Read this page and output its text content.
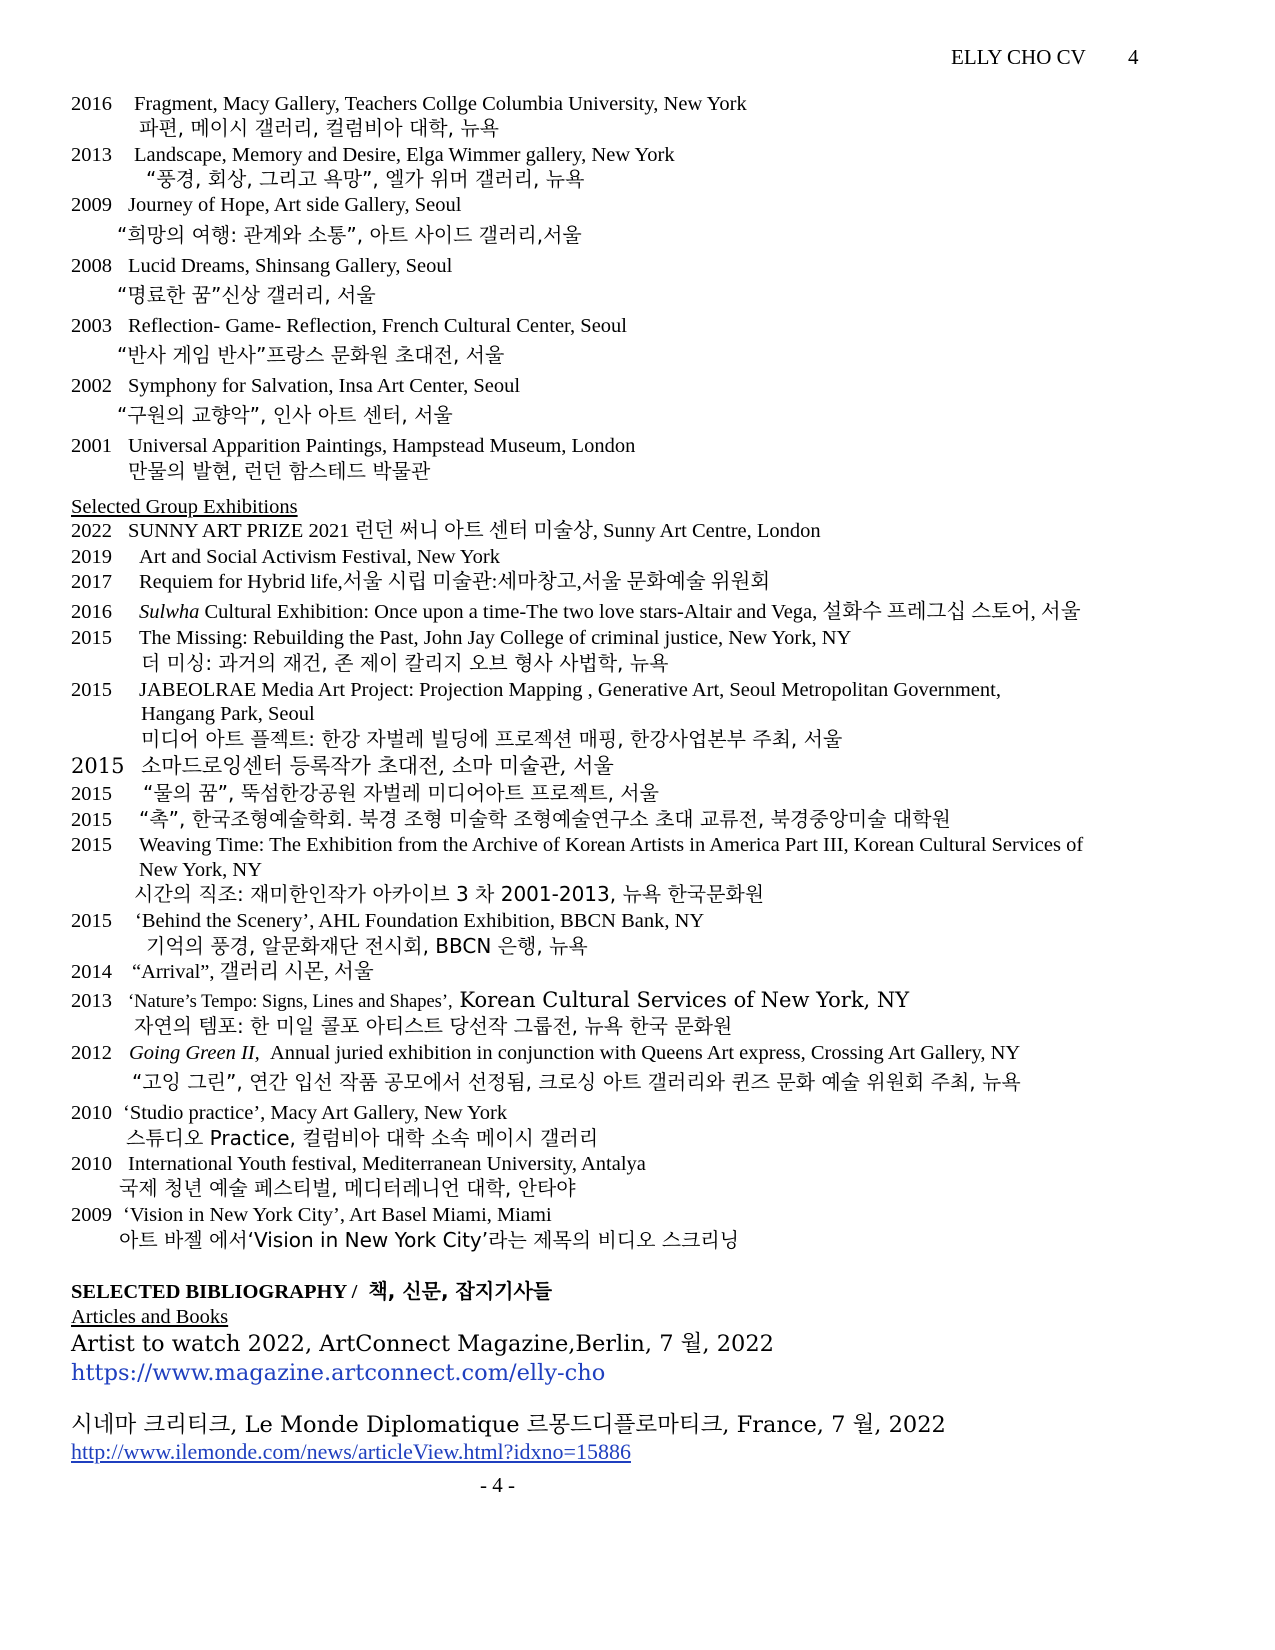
ELLY CHO CV 4
2016 Fragment, Macy Gallery, Teachers Collge Columbia University, New York
파편, 메이시 갤러리, 컬럼비아 대학, 뉴욕
2013 Landscape, Memory and Desire, Elga Wimmer gallery, New York
“풍경, 회상, 그리고 욕망”, 엘가 위머 갤러리, 뉴욕
2009 Journey of Hope, Art side Gallery, Seoul
“희망의 여행: 관계와 소통”, 아트 사이드 갤러리,서울
2008 Lucid Dreams, Shinsang Gallery, Seoul
“명료한 꿈”신상 갤러리, 서울
2003 Reflection- Game- Reflection, French Cultural Center, Seoul
“반사 게임 반사”프랑스 문화원 초대전, 서울
2002 Symphony for Salvation, Insa Art Center, Seoul
“구원의 교향악”, 인사 아트 센터, 서울
2001 Universal Apparition Paintings, Hampstead Museum, London
만물의 발현, 런던 함스테드 박물관
Selected Group Exhibitions
2022 SUNNY ART PRIZE 2021 런던 써니 아트 센터 미술상, Sunny Art Centre, London
2019 Art and Social Activism Festival, New York
2017 Requiem for Hybrid life,서울 시립 미술관:세마창고,서울 문화예술 위원회
2016 Sulwha Cultural Exhibition: Once upon a time-The two love stars-Altair and Vega, 설화수 프레그십 스토어, 서울
2015 The Missing: Rebuilding the Past, John Jay College of criminal justice, New York, NY
더 미싱: 과거의 재건, 존 제이 칼리지 오브 형사 사법학, 뉴욕
2015 JABEOLRAE Media Art Project: Projection Mapping , Generative Art, Seoul Metropolitan Government,
Hangang Park, Seoul
미디어 아트 플젝트: 한강 자벌레 빌딩에 프로젝션 매핑, 한강사업본부 주최, 서울
2015 소마드로잉센터 등록작가 초대전, 소마 미술관, 서울
2015 “물의 꿈”, 뚝섬한강공원 자벌레 미디어아트 프로젝트, 서울
2015 “촉”, 한국조형예술학회. 북경 조형 미술학 조형예술연구소 초대 교류전, 북경중앙미술 대학원
2015 Weaving Time: The Exhibition from the Archive of Korean Artists in America Part III, Korean Cultural Services of
New York, NY
시간의 직조: 재미한인작가 아카이브 3 차 2001-2013, 뉴욕 한국문화원
2015 ‘Behind the Scenery’, AHL Foundation Exhibition, BBCN Bank, NY
기억의 풍경, 알문화재단 전시회, BBCN 은행, 뉴욕
2014 “Arrival”, 갤러리 시몬, 서울
2013 ‘Nature’s Tempo: Signs, Lines and Shapes’, Korean Cultural Services of New York, NY
자연의 템포: 한 미일 콜포 아티스트 당선작 그룹전, 뉴욕 한국 문화원
2012 Going Green II, Annual juried exhibition in conjunction with Queens Art express, Crossing Art Gallery, NY
“고잉 그린”, 연간 입선 작품 공모에서 선정됨, 크로싱 아트 갤러리와 퀸즈 문화 예술 위원회 주최, 뉴욕
2010 ‘Studio practice’, Macy Art Gallery, New York
스튜디오 Practice, 컬럼비아 대학 소속 메이시 갤러리
2010 International Youth festival, Mediterranean University, Antalya
국제 청년 예술 페스티벌, 메디터레니언 대학, 안타야
2009 ‘Vision in New York City’, Art Basel Miami, Miami
아트 바젤 에서‘Vision in New York City’라는 제목의 비디오 스크리닝
SELECTED BIBLIOGRAPHY / 책, 신문, 잡지기사들
Articles and Books
Artist to watch 2022, ArtConnect Magazine,Berlin, 7 월, 2022
https://www.magazine.artconnect.com/elly-cho
시네마 크리티크, Le Monde Diplomatique 르몽드디플로마티크, France, 7 월, 2022
http://www.ilemonde.com/news/articleView.html?idxno=15886
- 4 -
